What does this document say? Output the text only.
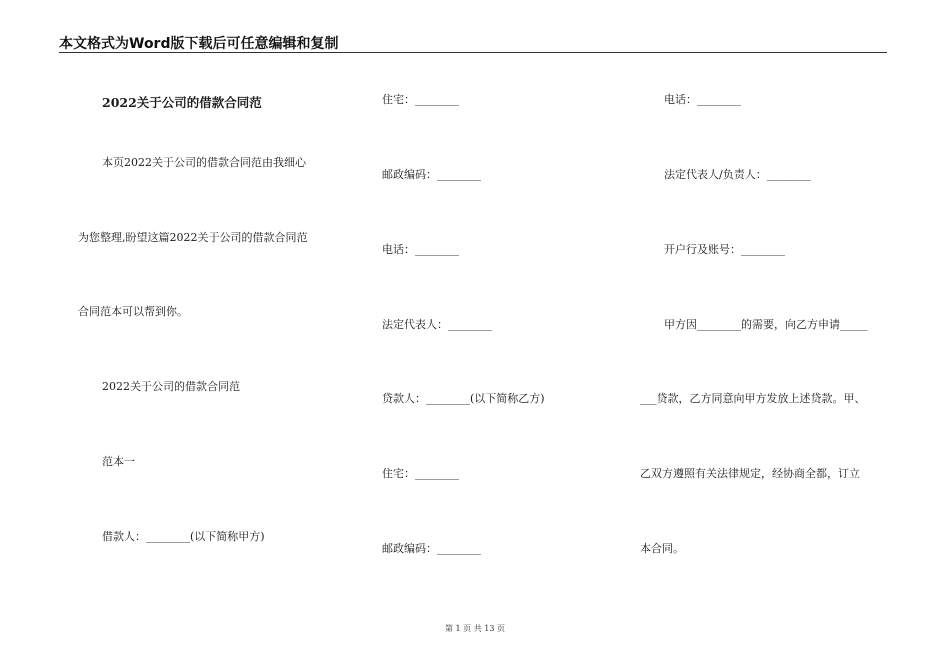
本文格式为Word版下载后可任意编辑和复制
2022关于公司的借款合同范
本页2022关于公司的借款合同范由我细心
为您整理,盼望这篇2022关于公司的借款合同范
合同范本可以帮到你。
2022关于公司的借款合同范
范本一
借款人：________(以下简称甲方)
住宅：________
邮政编码：________
电话：________
法定代表人：________
贷款人：________(以下简称乙方)
住宅：________
邮政编码：________
电话：________
法定代表人/负责人：________
开户行及账号：________
甲方因________的需要，向乙方申请_____
___贷款，乙方同意向甲方发放上述贷款。甲、
乙双方遵照有关法律规定，经协商全都，订立
本合同。
第 1 页 共 13 页
